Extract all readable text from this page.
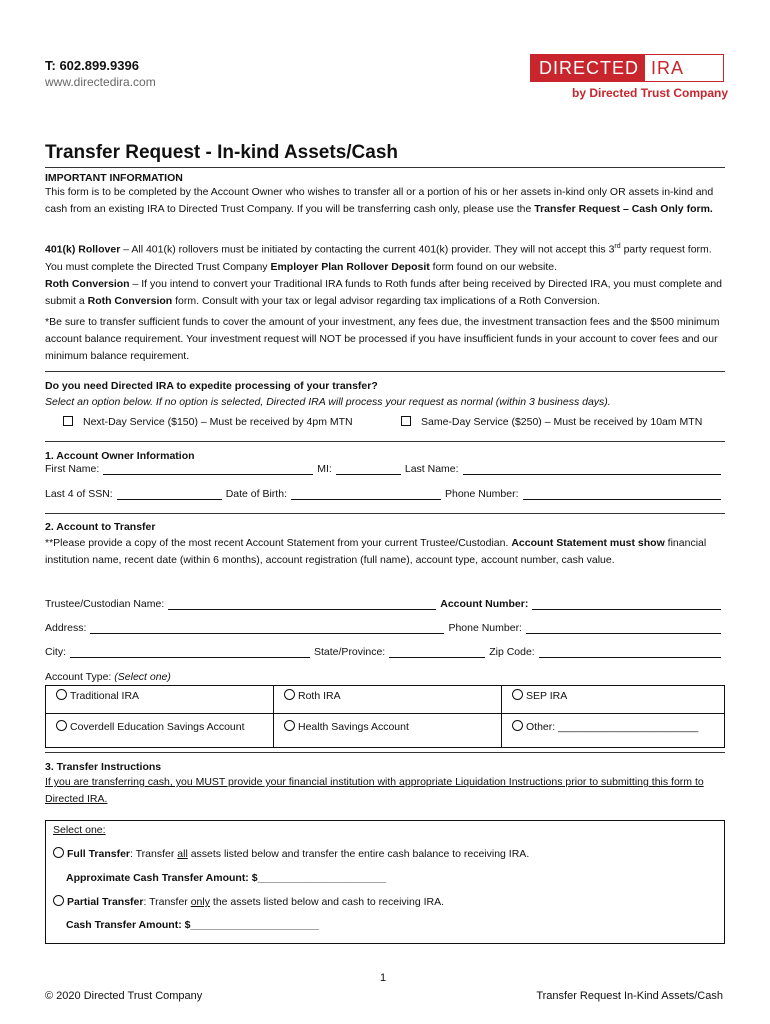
T: 602.899.9396
www.directedira.com
DIRECTED IRA
by Directed Trust Company
Transfer Request - In-kind Assets/Cash
IMPORTANT INFORMATION
This form is to be completed by the Account Owner who wishes to transfer all or a portion of his or her assets in-kind only OR assets in-kind and cash from an existing IRA to Directed Trust Company. If you will be transferring cash only, please use the Transfer Request – Cash Only form.
401(k) Rollover – All 401(k) rollovers must be initiated by contacting the current 401(k) provider. They will not accept this 3rd party request form. You must complete the Directed Trust Company Employer Plan Rollover Deposit form found on our website.
Roth Conversion – If you intend to convert your Traditional IRA funds to Roth funds after being received by Directed IRA, you must complete and submit a Roth Conversion form. Consult with your tax or legal advisor regarding tax implications of a Roth Conversion.
*Be sure to transfer sufficient funds to cover the amount of your investment, any fees due, the investment transaction fees and the $500 minimum account balance requirement. Your investment request will NOT be processed if you have insufficient funds in your account to cover fees and our minimum balance requirement.
Do you need Directed IRA to expedite processing of your transfer?
Select an option below. If no option is selected, Directed IRA will process your request as normal (within 3 business days).
Next-Day Service ($150) – Must be received by 4pm MTN	Same-Day Service ($250) – Must be received by 10am MTN
1. Account Owner Information
First Name:	MI:	Last Name:
Last 4 of SSN:	Date of Birth:	Phone Number:
2. Account to Transfer
**Please provide a copy of the most recent Account Statement from your current Trustee/Custodian. Account Statement must show financial institution name, recent date (within 6 months), account registration (full name), account type, account number, cash value.
Trustee/Custodian Name:	Account Number:
Address:	Phone Number:
City:	State/Province:	Zip Code:
Account Type: (Select one)
Traditional IRA	Roth IRA	SEP IRA
Coverdell Education Savings Account	Health Savings Account	Other: ________________________
3. Transfer Instructions
If you are transferring cash, you MUST provide your financial institution with appropriate Liquidation Instructions prior to submitting this form to Directed IRA.
Select one:
Full Transfer: Transfer all assets listed below and transfer the entire cash balance to receiving IRA.
Approximate Cash Transfer Amount: $______________________
Partial Transfer: Transfer only the assets listed below and cash to receiving IRA.
Cash Transfer Amount: $______________________
1
© 2020 Directed Trust Company	Transfer Request In-Kind Assets/Cash
